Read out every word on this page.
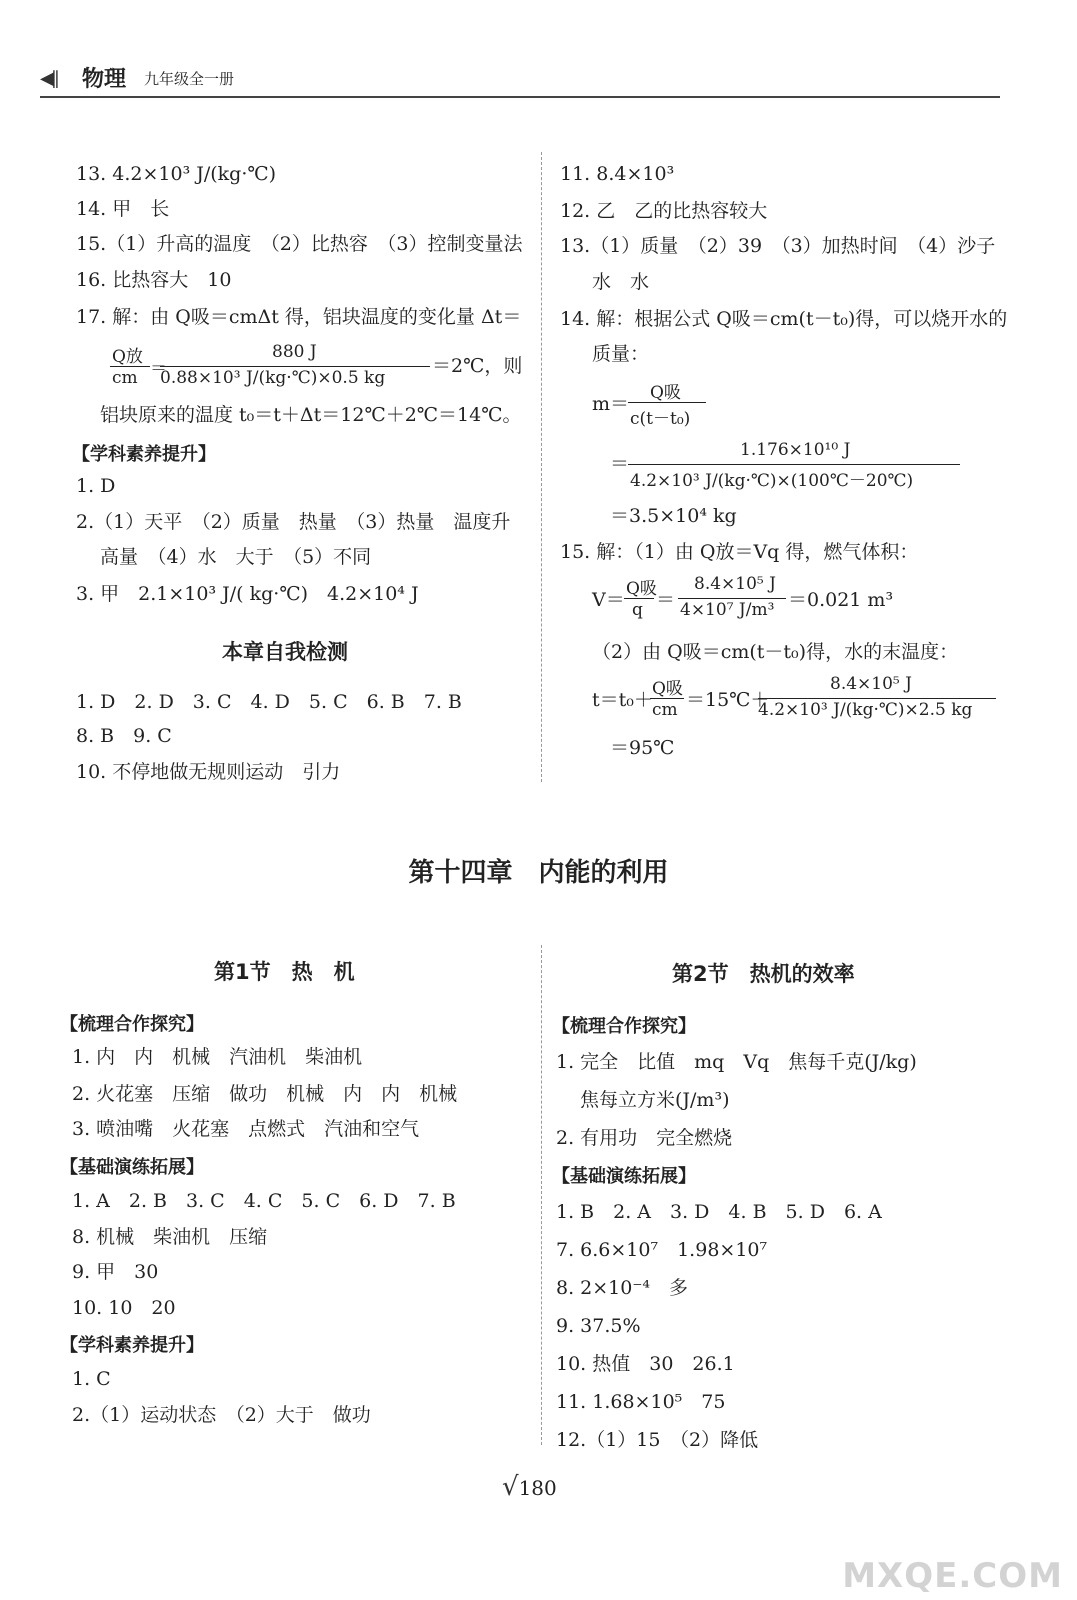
◀|| 物理 九年级全一册
13. 4.2×10³ J/(kg·℃)
14. 甲　长
15.（1）升高的温度　（2）比热容　（3）控制变量法
16. 比热容大　10
17. 解：由 Q吸＝cmΔt 得，铝块温度的变化量 Δt＝
Q放
cm ＝
880 J
0.88×10³ J/(kg·℃)×0.5 kg
＝2℃，则
铝块原来的温度 t₀＝t＋Δt＝12℃＋2℃＝14℃。
【学科素养提升】
1. D
2.（1）天平　（2）质量　热量　（3）热量　温度升
高量　（4）水　大于　（5）不同
3. 甲　2.1×10³ J/( kg·℃)　4.2×10⁴ J
本章自我检测
1. D　2. D　3. C　4. D　5. C　6. B　7. B
8. B　9. C
10. 不停地做无规则运动　引力
11. 8.4×10³
12. 乙　乙的比热容较大
13.（1）质量　（2）39　（3）加热时间　（4）沙子
水　水
14. 解：根据公式 Q吸＝cm(t－t₀)得，可以烧开水的
质量：
m＝ Q吸
c(t－t₀)
＝
1.176×10¹⁰ J
4.2×10³ J/(kg·℃)×(100℃－20℃)
＝3.5×10⁴ kg
15. 解：（1）由 Q放＝Vq 得，燃气体积：
V＝ Q吸
q ＝
8.4×10⁵ J
4×10⁷ J/m³ ＝0.021 m³
（2）由 Q吸＝cm(t－t₀)得，水的末温度：
t＝t₀＋ Q吸
cm ＝15℃＋
8.4×10⁵ J
4.2×10³ J/(kg·℃)×2.5 kg
＝95℃
第十四章　内能的利用
第1节　热　机
【梳理合作探究】
1. 内　内　机械　汽油机　柴油机
2. 火花塞　压缩　做功　机械　内　内　机械
3. 喷油嘴　火花塞　点燃式　汽油和空气
【基础演练拓展】
1. A　2. B　3. C　4. C　5. C　6. D　7. B
8. 机械　柴油机　压缩
9. 甲　30
10. 10　20
【学科素养提升】
1. C
2.（1）运动状态　（2）大于　做功
第2节　热机的效率
【梳理合作探究】
1. 完全　比值　mq　Vq　焦每千克(J/kg)
焦每立方米(J/m³)
2. 有用功　完全燃烧
【基础演练拓展】
1. B　2. A　3. D　4. B　5. D　6. A
7. 6.6×10⁷　1.98×10⁷
8. 2×10⁻⁴　多
9. 37.5%
10. 热值　30　26.1
11. 1.68×10⁵　75
12.（1）15　（2）降低
√180
MXQE.COM
